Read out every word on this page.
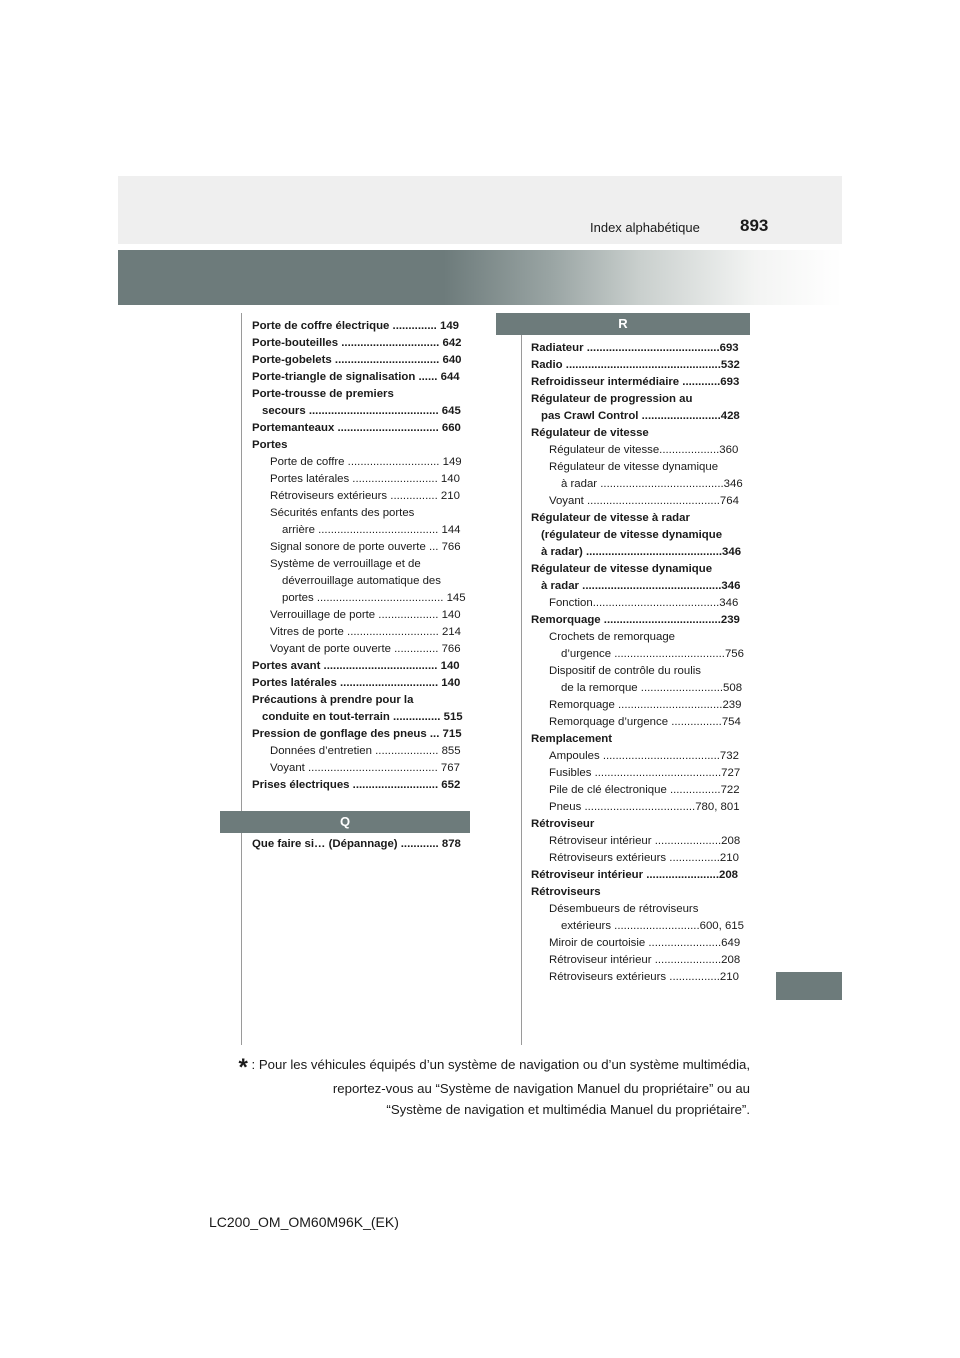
Index alphabétique 893
Porte de coffre électrique .............. 149
Porte-bouteilles ............................... 642
Porte-gobelets ................................. 640
Porte-triangle de signalisation ...... 644
Porte-trousse de premiers
secours ......................................... 645
Portemanteaux ................................ 660
Portes
Porte de coffre ............................. 149
Portes latérales ........................... 140
Rétroviseurs extérieurs ............... 210
Sécurités enfants des portes
arrière ...................................... 144
Signal sonore de porte ouverte ... 766
Système de verrouillage et de
déverrouillage automatique des
portes ........................................ 145
Verrouillage de porte ................... 140
Vitres de porte ............................. 214
Voyant de porte ouverte .............. 766
Portes avant .................................... 140
Portes latérales ............................... 140
Précautions à prendre pour la
conduite en tout-terrain ............... 515
Pression de gonflage des pneus ... 715
Données d’entretien .................... 855
Voyant ......................................... 767
Prises électriques ........................... 652
Q
Que faire si… (Dépannage) ............ 878
R
Radiateur ..........................................693
Radio .................................................532
Refroidisseur intermédiaire ............693
Régulateur de progression au
pas Crawl Control .........................428
Régulateur de vitesse
Régulateur de vitesse...................360
Régulateur de vitesse dynamique
à radar .......................................346
Voyant ..........................................764
Régulateur de vitesse à radar
(régulateur de vitesse dynamique
à radar) ...........................................346
Régulateur de vitesse dynamique
à radar ............................................346
Fonction........................................346
Remorquage .....................................239
Crochets de remorquage
d’urgence ...................................756
Dispositif de contrôle du roulis
de la remorque ..........................508
Remorquage .................................239
Remorquage d’urgence ................754
Remplacement
Ampoules .....................................732
Fusibles ........................................727
Pile de clé électronique ................722
Pneus ...................................780, 801
Rétroviseur
Rétroviseur intérieur .....................208
Rétroviseurs extérieurs ................210
Rétroviseur intérieur .......................208
Rétroviseurs
Désembueurs de rétroviseurs
extérieurs ...........................600, 615
Miroir de courtoisie .......................649
Rétroviseur intérieur .....................208
Rétroviseurs extérieurs ................210
* : Pour les véhicules équipés d’un système de navigation ou d’un système multimédia,
reportez-vous au “Système de navigation Manuel du propriétaire” ou au
“Système de navigation et multimédia Manuel du propriétaire”.
LC200_OM_OM60M96K_(EK)
